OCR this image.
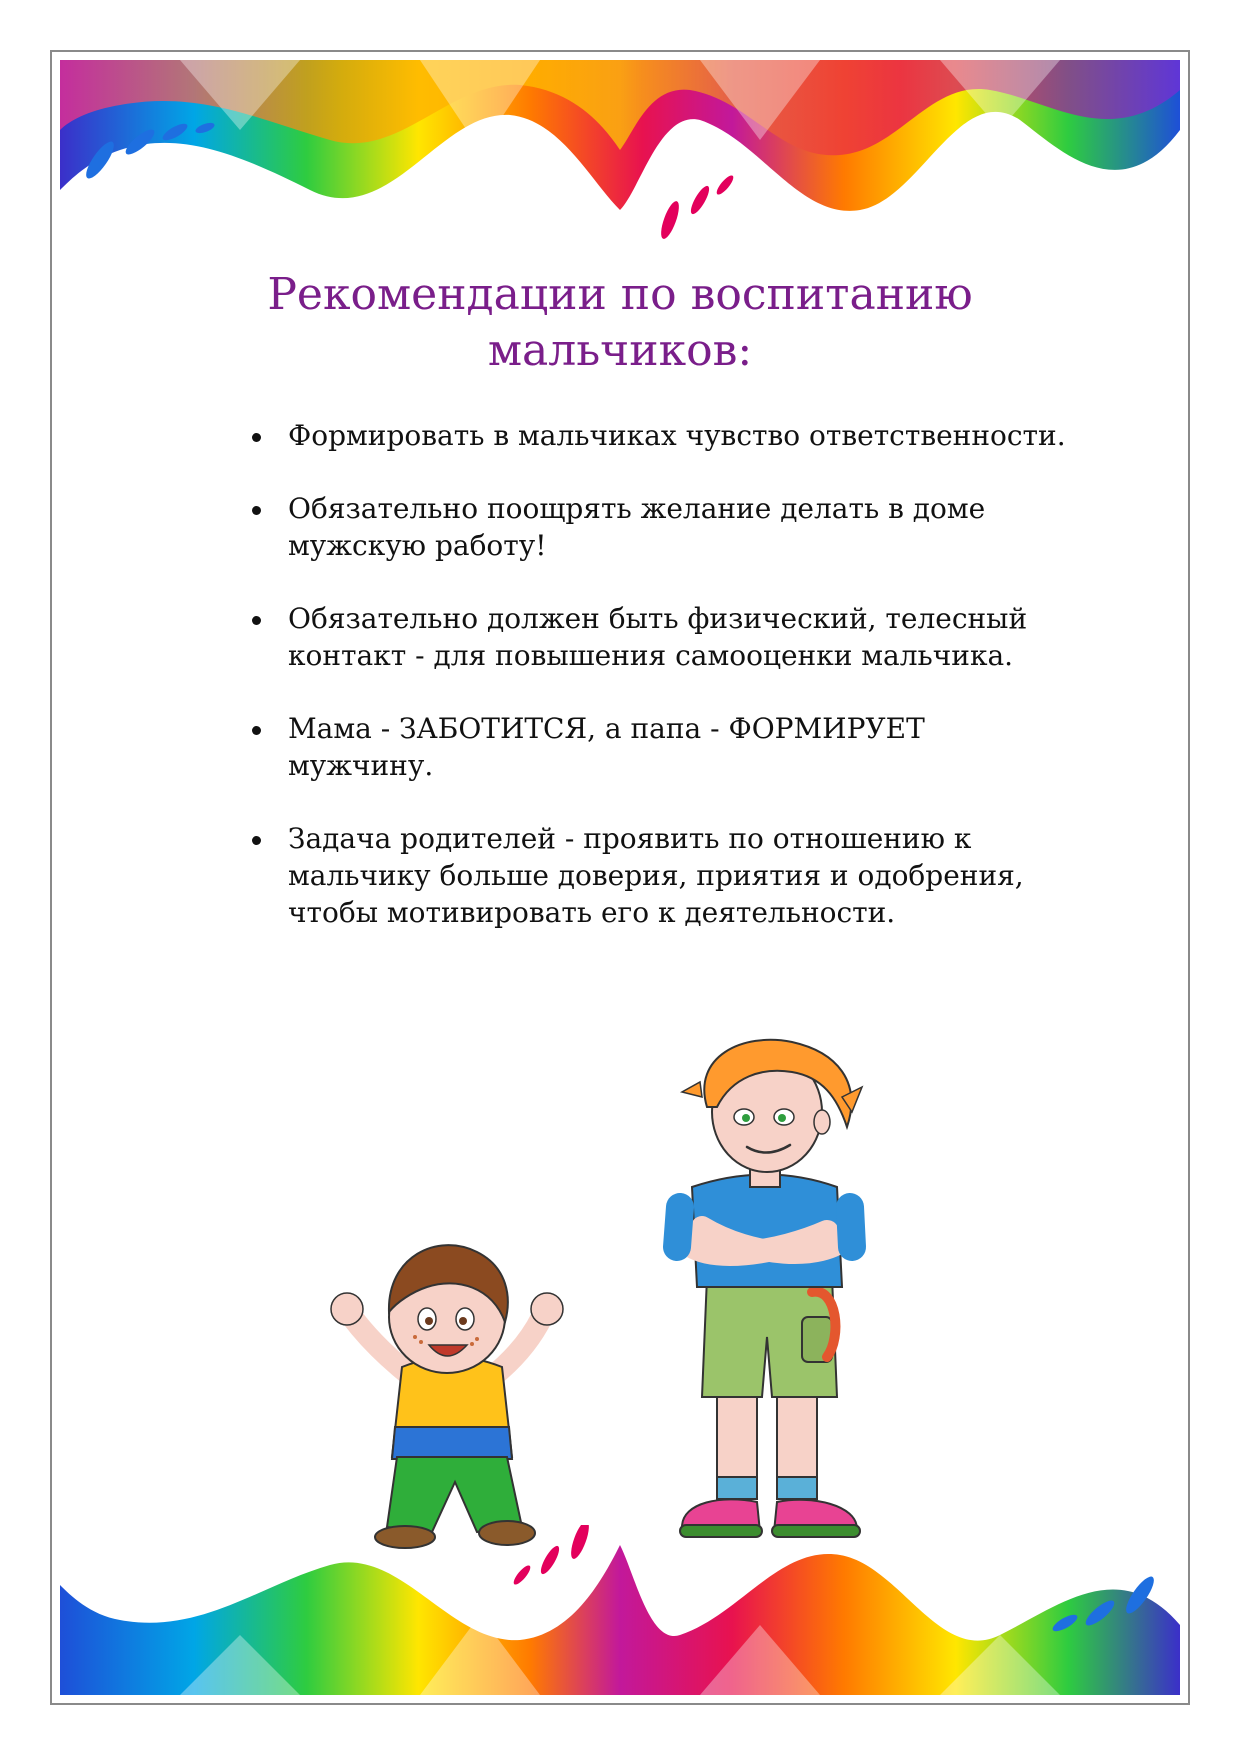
Рекомендации по воспитанию
мальчиков:
Формировать в мальчиках чувство ответственности.
Обязательно поощрять желание делать в доме мужскую работу!
Обязательно должен быть физический, телесный контакт - для повышения самооценки мальчика.
Мама - ЗАБОТИТСЯ, а папа - ФОРМИРУЕТ мужчину.
Задача родителей - проявить по отношению к мальчику больше доверия, приятия и одобрения, чтобы мотивировать его к деятельности.
